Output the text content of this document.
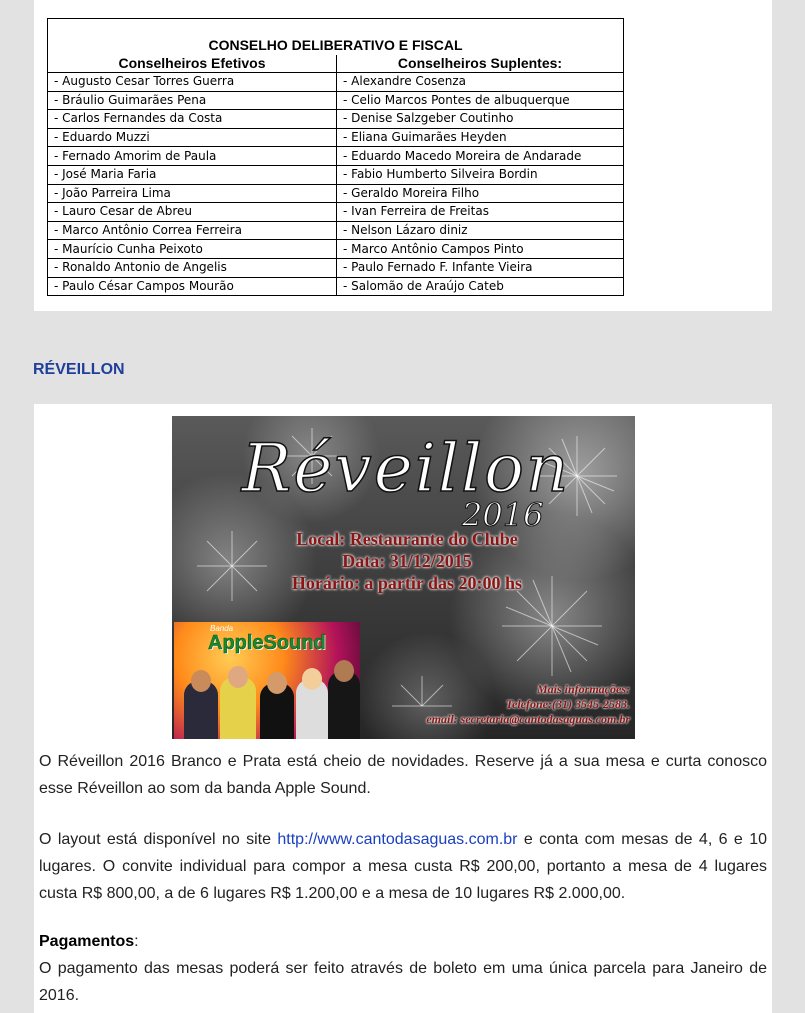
CONSELHO DELIBERATIVO E FISCAL	
Conselheiros Efetivos	Conselheiros Suplentes:
- Augusto Cesar Torres Guerra	- Alexandre Cosenza
- Bráulio Guimarães Pena	- Celio Marcos Pontes de albuquerque
- Carlos Fernandes da Costa	- Denise Salzgeber Coutinho
- Eduardo Muzzi	- Eliana Guimarães Heyden
- Fernado Amorim de Paula	- Eduardo Macedo Moreira de Andarade
- José Maria Faria	- Fabio Humberto Silveira Bordin
- João Parreira Lima	- Geraldo Moreira Filho
- Lauro Cesar de Abreu	- Ivan Ferreira de Freitas
- Marco Antônio Correa Ferreira	- Nelson Lázaro diniz
- Maurício Cunha Peixoto	- Marco Antônio Campos Pinto
- Ronaldo Antonio de Angelis	- Paulo Fernado F. Infante Vieira
- Paulo César Campos Mourão	- Salomão de Araújo Cateb
RÉVEILLON
Réveillon
2016
Local: Restaurante do Clube
Data: 31/12/2015
Horário: a partir das 20:00 hs
Banda
AppleSound
Mais informações:
Telefone:(31) 3545-2583.
email: secretaria@cantodasaguas.com.br

O Réveillon 2016 Branco e Prata está cheio de novidades. Reserve já a sua mesa e curta conosco esse Réveillon ao som da banda Apple Sound.

O layout está disponível no site http://www.cantodasaguas.com.br e conta com mesas de 4, 6 e 10 lugares. O convite individual para compor a mesa custa R$ 200,00, portanto a mesa de 4 lugares custa R$ 800,00, a de 6 lugares R$ 1.200,00 e a mesa de 10 lugares R$ 2.000,00.

Pagamentos:

O pagamento das mesas poderá ser feito através de boleto em uma única parcela para Janeiro de 2016.
